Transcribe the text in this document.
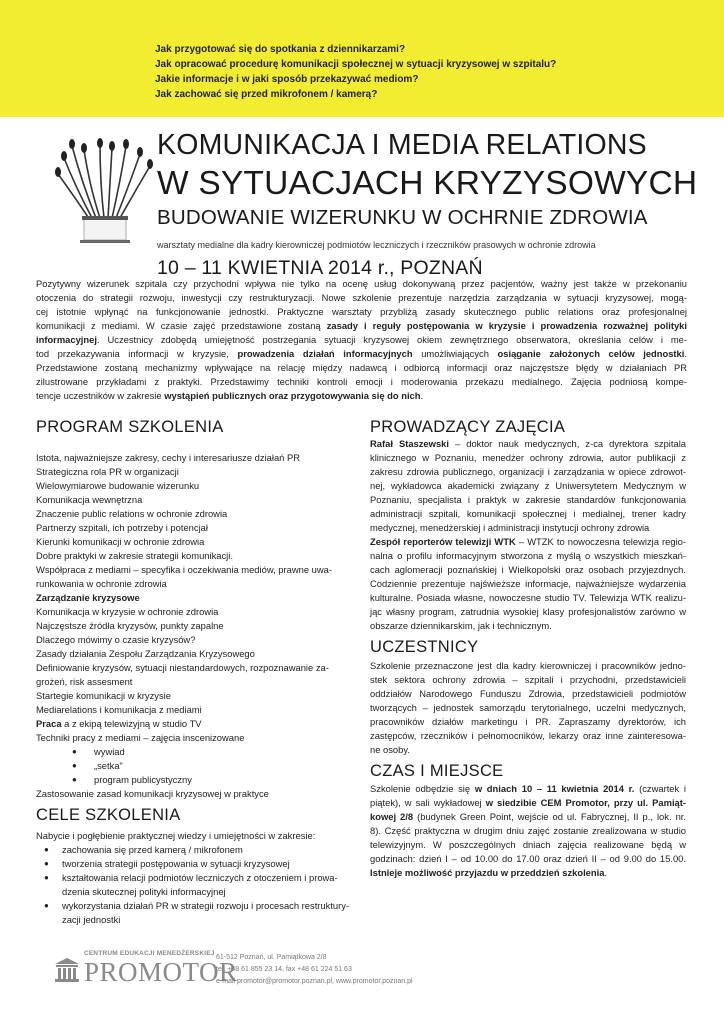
Jak przygotować się do spotkania z dziennikarzami?
Jak opracować procedurę komunikacji społecznej w sytuacji kryzysowej w szpitalu?
Jakie informacje i w jaki sposób przekazywać mediom?
Jak zachować się przed mikrofonem / kamerą?
KOMUNIKACJA I MEDIA RELATIONS
W SYTUACJACH KRYZYSOWYCH
BUDOWANIE WIZERUNKU W OCHRNIE ZDROWIA
warsztaty medialne dla kadry kierowniczej podmiotów leczniczych i rzeczników prasowych w ochronie zdrowia
10 – 11 KWIETNIA 2014 r., POZNAŃ
Pozytywny wizerunek szpitala czy przychodni wpływa nie tylko na ocenę usług dokonywaną przez pacjentów, ważny jest także w przekonaniu
otoczenia do strategii rozwoju, inwestycji czy restrukturyzacji. Nowe szkolenie prezentuje narzędzia zarządzania w sytuacji kryzysowej, mogą-
cej istotnie wpłynąć na funkcjonowanie jednostki. Praktyczne warsztaty przybliżą zasady skutecznego public relations oraz profesjonalnej
komunikacji z mediami. W czasie zajęć przedstawione zostaną zasady i reguły postępowania w kryzysie i prowadzenia rozważnej polityki
informacyjnej. Uczestnicy zdobędą umiejętność postrzegania sytuacji kryzysowej okiem zewnętrznego obserwatora, określania celów i me-
tod przekazywania informacji w kryzysie, prowadzenia działań informacyjnych umożliwiających osiąganie założonych celów jednostki.
Przedstawione zostaną mechanizmy wpływające na relację między nadawcą i odbiorcą informacji oraz najczęstsze błędy w działaniach PR
zilustrowane przykładami z praktyki. Przedstawimy techniki kontroli emocji i moderowania przekazu medialnego. Zajęcia podniosą kompe-
tencje uczestników w zakresie wystąpień publicznych oraz przygotowywania się do nich.
PROGRAM SZKOLENIA
Istota, najważniejsze zakresy, cechy i interesariusze działań PR
Strategiczna rola PR w organizacji
Wielowymiarowe budowanie wizerunku
Komunikacja wewnętrzna
Znaczenie public relations w ochronie zdrowia
Partnerzy szpitali, ich potrzeby i potencjał
Kierunki komunikacji w ochronie zdrowia
Dobre praktyki w zakresie strategii komunikacji.
Współpraca z mediami – specyfika i oczekiwania mediów, prawne uwa-
runkowania w ochronie zdrowia
Zarządzanie kryzysowe
Komunikacja w kryzysie w ochronie zdrowia
Najczęstsze źródła kryzysów, punkty zapalne
Dlaczego mówimy o czasie kryzysów?
Zasady działania Zespołu Zarządzania Kryzysowego
Definiowanie kryzysów, sytuacji niestandardowych, rozpoznawanie za-
grożeń, risk assesment
Startegie komunikacji w kryzysie
Mediarelations i komunikacja z mediami
Praca a z ekipą telewizyjną w studio TV
Techniki pracy z mediami – zajęcia inscenizowane
● wywiad
● „setka”
● program publicystyczny
Zastosowanie zasad komunikacji kryzysowej w praktyce
CELE SZKOLENIA
Nabycie i pogłębienie praktycznej wiedzy i umiejętności w zakresie:
● zachowania się przed kamerą / mikrofonem
● tworzenia strategii postępowania w sytuacji kryzysowej
● kształtowania relacji podmiotów leczniczych z otoczeniem i prowa-
dzenia skutecznej polityki informacyjnej
● wykorzystania działań PR w strategii rozwoju i procesach restruktury-
zacji jednostki
PROWADZĄCY ZAJĘCIA
Rafał Staszewski – doktor nauk medycznych, z-ca dyrektora szpitala
klinicznego w Poznaniu, menedżer ochrony zdrowia, autor publikacji z
zakresu zdrowia publicznego, organizacji i zarządzania w opiece zdrowot-
nej, wykładowca akademicki związany z Uniwersytetem Medycznym w
Poznaniu, specjalista i praktyk w zakresie standardów funkcjonowania
administracji szpitali, komunikacji społecznej i medialnej, trener kadry
medycznej, menedżerskiej i administracji instytucji ochrony zdrowia
Zespół reporterów telewizji WTK – WTZK to nowoczesna telewizja regio-
nalna o profilu informacyjnym stworzona z myślą o wszystkich mieszkań-
cach aglomeracji poznańskiej i Wielkopolski oraz osobach przyjezdnych.
Codziennie prezentuje najświeższe informacje, najważniejsze wydarzenia
kulturalne. Posiada własne, nowoczesne studio TV. Telewizja WTK realizu-
jąc własny program, zatrudnia wysokiej klasy profesjonalistów zarówno w
obszarze dziennikarskim, jak i technicznym.
UCZESTNICY
Szkolenie przeznaczone jest dla kadry kierowniczej i pracowników jedno-
stek sektora ochrony zdrowia – szpitali i przychodni, przedstawicieli
oddziałów Narodowego Funduszu Zdrowia, przedstawicieli podmiotów
tworzących – jednostek samorządu terytorialnego, uczelni medycznych,
pracowników działów marketingu i PR. Zapraszamy dyrektorów, ich
zastępców, rzeczników i pełnomocników, lekarzy oraz inne zainteresowa-
ne osoby.
CZAS I MIEJSCE
Szkolenie odbędzie się w dniach 10 – 11 kwietnia 2014 r. (czwartek i
piątek), w sali wykładowej w siedzibie CEM Promotor, przy ul. Pamiąt-
kowej 2/8 (budynek Green Point, wejście od ul. Fabrycznej, II p., lok. nr.
8). Część praktyczna w drugim dniu zajęć zostanie zrealizowana w studio
telewizyjnym. W poszczególnych dniach zajęcia realizowane będą w
godzinach: dzień I – od 10.00 do 17.00 oraz dzień II – od 9.00 do 15.00.
Istnieje możliwość przyjazdu w przeddzień szkolenia.
CENTRUM EDUKACJI MENEDŻERSKIEJ
PROMOTOR
61-512 Poznań, ul. Pamiątkowa 2/8
tel. +48 61 855 23 14, fax +48 61 224 51 63
e-mail promotor@promotor.poznan.pl, www.promotor.poznan.pl
